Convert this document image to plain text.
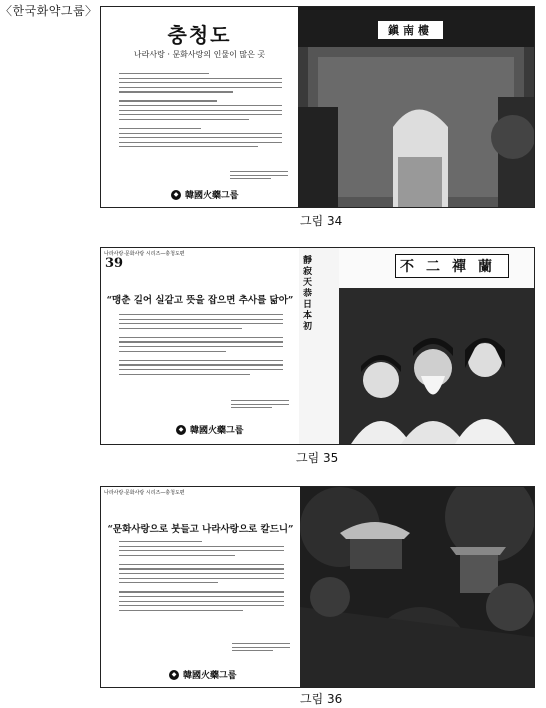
〈한국화약그룹〉
충청도
나라사랑 · 문화사랑의 인물이 많은 곳
◆ 韓國火藥그룹
鎭南樓
그림 34
나라사랑·문화사랑 시리즈—충청도편
39
“맹춘 길어 실같고 뜻을 잡으면 추사를 닮아”
◆ 韓國火藥그룹
不二禪蘭
靜寂天恭 日本初
그림 35
나라사랑·문화사랑 시리즈—충청도편
“문화사랑으로 붓들고 나라사랑으로 칼드니”
◆ 韓國火藥그룹
그림 36
